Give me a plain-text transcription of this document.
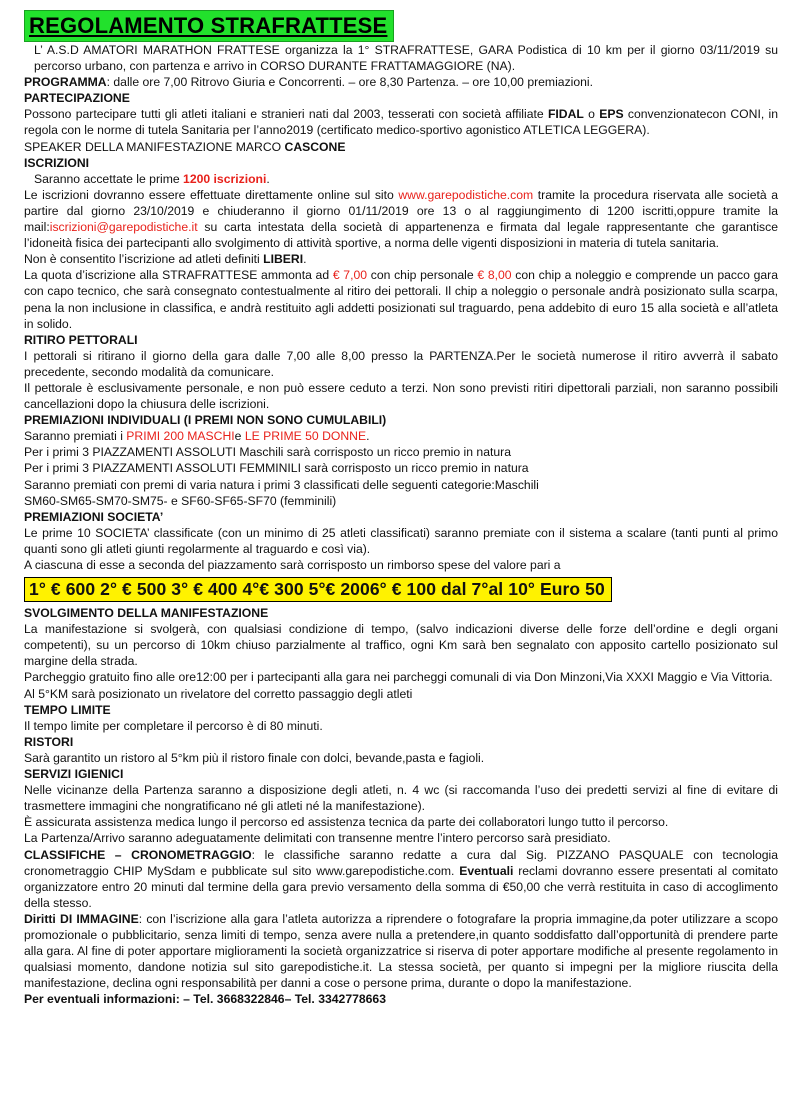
REGOLAMENTO STRAFRATTESE

L’ A.S.D AMATORI MARATHON FRATTESE organizza la 1° STRAFRATTESE, GARA Podistica di 10 km per il giorno 03/11/2019 su percorso urbano, con partenza e arrivo in CORSO DURANTE FRATTAMAGGIORE (NA).

PROGRAMMA: dalle ore 7,00 Ritrovo Giuria e Concorrenti. – ore 8,30 Partenza. – ore 10,00 premiazioni.

PARTECIPAZIONE

Possono partecipare tutti gli atleti italiani e stranieri nati dal 2003, tesserati con società affiliate FIDAL o EPS convenzionatecon CONI, in regola con le norme di tutela Sanitaria per l’anno2019 (certificato medico-sportivo agonistico ATLETICA LEGGERA).

SPEAKER DELLA MANIFESTAZIONE MARCO CASCONE

ISCRIZIONI

Saranno accettate le prime 1200 iscrizioni.

Le iscrizioni dovranno essere effettuate direttamente online sul sito www.garepodistiche.com tramite la procedura riservata alle società a partire dal giorno 23/10/2019 e chiuderanno il giorno 01/11/2019 ore 13 o al raggiungimento di 1200 iscritti,oppure tramite la mail:iscrizioni@garepodistiche.it su carta intestata della società di appartenenza e firmata dal legale rappresentante che garantisce l’idoneità fisica dei partecipanti allo svolgimento di attività sportive, a norma delle vigenti disposizioni in materia di tutela sanitaria.

Non è consentito l’iscrizione ad atleti definiti LIBERI.

La quota d’iscrizione alla STRAFRATTESE ammonta ad € 7,00 con chip personale € 8,00 con chip a noleggio e comprende un pacco gara con capo tecnico, che sarà consegnato contestualmente al ritiro dei pettorali. Il chip a noleggio o personale andrà posizionato sulla scarpa, pena la non inclusione in classifica, e andrà restituito agli addetti posizionati sul traguardo, pena addebito di euro 15 alla società e all’atleta in solido.

RITIRO PETTORALI

I pettorali si ritirano il giorno della gara dalle 7,00 alle 8,00 presso la PARTENZA.Per le società numerose il ritiro avverrà il sabato precedente, secondo modalità da comunicare.

Il pettorale è esclusivamente personale, e non può essere ceduto a terzi. Non sono previsti ritiri dipettorali parziali, non saranno possibili cancellazioni dopo la chiusura delle iscrizioni.

PREMIAZIONI INDIVIDUALI (I PREMI NON SONO CUMULABILI)

Saranno premiati i PRIMI 200 MASCHIe LE PRIME 50 DONNE.

Per i primi 3 PIAZZAMENTI ASSOLUTI Maschili sarà corrisposto un ricco premio in natura

Per i primi 3 PIAZZAMENTI ASSOLUTI FEMMINILI sarà corrisposto un ricco premio in natura

Saranno premiati con premi di varia natura i primi 3 classificati delle seguenti categorie:Maschili

SM60-SM65-SM70-SM75- e SF60-SF65-SF70 (femminili)

PREMIAZIONI SOCIETA’

Le prime 10 SOCIETA’ classificate (con un minimo di 25 atleti classificati) saranno premiate con il sistema a scalare (tanti punti al primo quanti sono gli atleti giunti regolarmente al traguardo e così via).

A ciascuna di esse a seconda del piazzamento sarà corrisposto un rimborso spese del valore pari a

1° € 600 2° € 500 3° € 400 4°€ 300 5°€ 2006° € 100 dal 7°al 10° Euro 50

SVOLGIMENTO DELLA MANIFESTAZIONE

La manifestazione si svolgerà, con qualsiasi condizione di tempo, (salvo indicazioni diverse delle forze dell’ordine e degli organi competenti), su un percorso di 10km chiuso parzialmente al traffico, ogni Km sarà ben segnalato con apposito cartello posizionato sul margine della strada.

Parcheggio gratuito fino alle ore12:00 per i partecipanti alla gara nei parcheggi comunali di via Don Minzoni,Via XXXI Maggio e Via Vittoria.

Al 5°KM sarà posizionato un rivelatore del corretto passaggio degli atleti

TEMPO LIMITE

Il tempo limite per completare il percorso è di 80 minuti.

RISTORI

Sarà garantito un ristoro al 5°km più il ristoro finale con dolci, bevande,pasta e fagioli.

SERVIZI IGIENICI

Nelle vicinanze della Partenza saranno a disposizione degli atleti, n. 4 wc (si raccomanda l’uso dei predetti servizi al fine di evitare di trasmettere immagini che nongratificano né gli atleti né la manifestazione).

È assicurata assistenza medica lungo il percorso ed assistenza tecnica da parte dei collaboratori lungo tutto il percorso.

La Partenza/Arrivo saranno adeguatamente delimitati con transenne mentre l’intero percorso sarà presidiato.

CLASSIFICHE – CRONOMETRAGGIO: le classifiche saranno redatte a cura dal Sig. PIZZANO PASQUALE con tecnologia cronometraggio CHIP MySdam e pubblicate sul sito www.garepodistiche.com. Eventuali reclami dovranno essere presentati al comitato organizzatore entro 20 minuti dal termine della gara previo versamento della somma di €50,00 che verrà restituita in caso di accoglimento della stesso.

Diritti DI IMMAGINE: con l’iscrizione alla gara l’atleta autorizza a riprendere o fotografare la propria immagine,da poter utilizzare a scopo promozionale o pubblicitario, senza limiti di tempo, senza avere nulla a pretendere,in quanto soddisfatto dall’opportunità di prendere parte alla gara. Al fine di poter apportare miglioramenti la società organizzatrice si riserva di poter apportare modifiche al presente regolamento in qualsiasi momento, dandone notizia sul sito garepodistiche.it. La stessa società, per quanto si impegni per la migliore riuscita della manifestazione, declina ogni responsabilità per danni a cose o persone prima, durante o dopo la manifestazione.

Per eventuali informazioni: – Tel. 3668322846– Tel. 3342778663
